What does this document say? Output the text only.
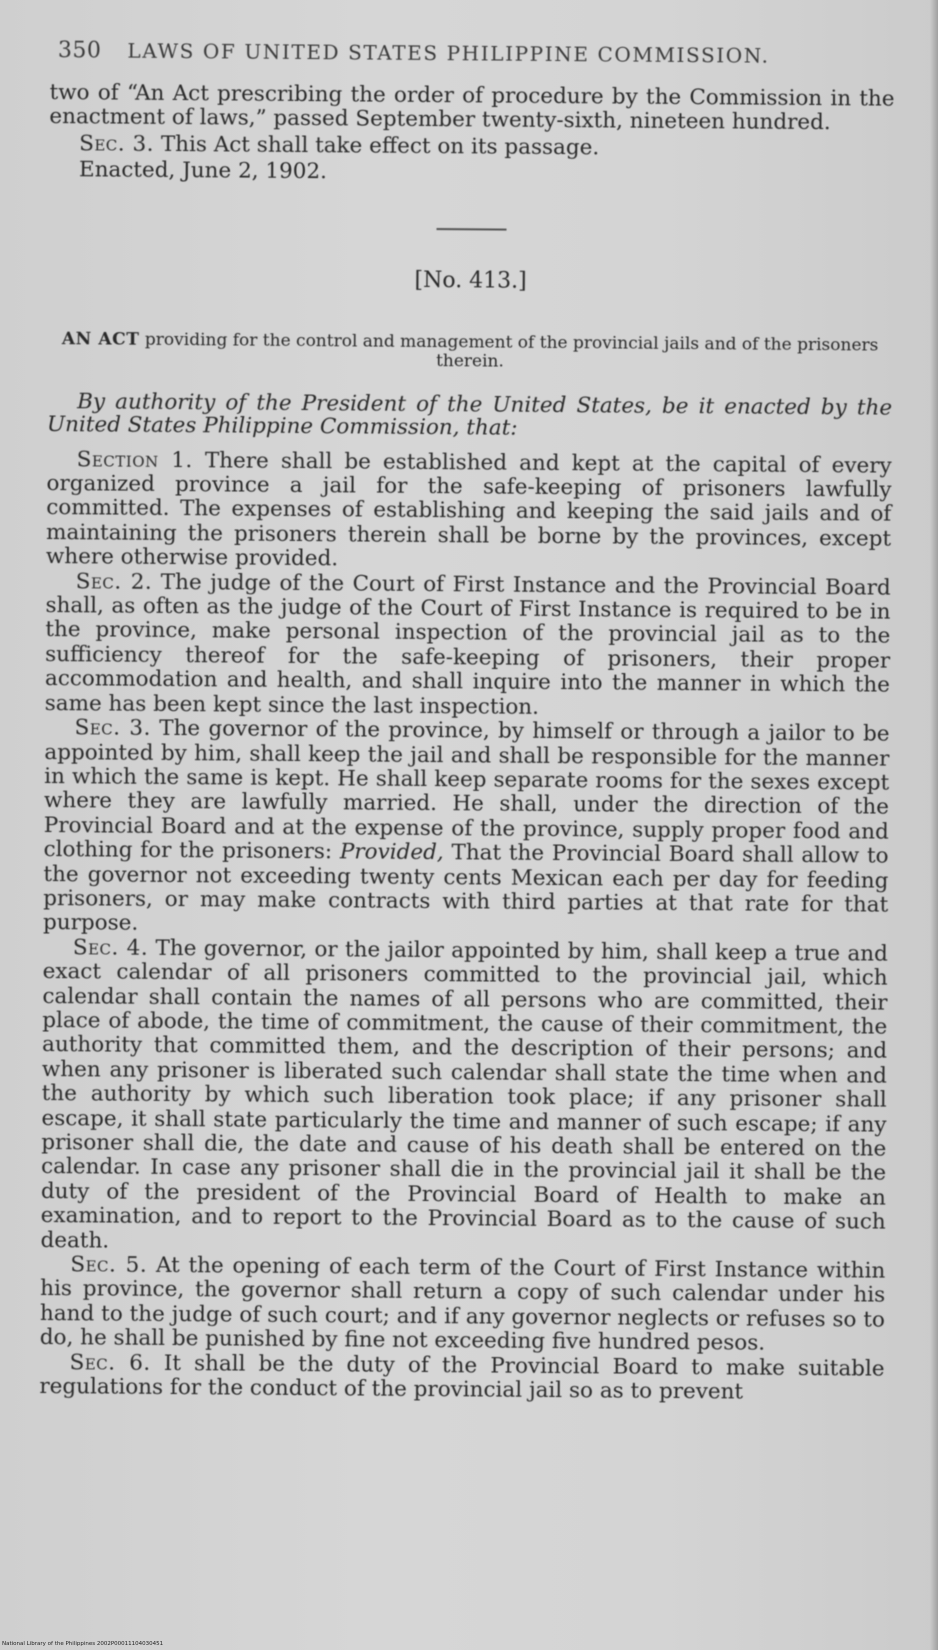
350 LAWS OF UNITED STATES PHILIPPINE COMMISSION.

two of “An Act prescribing the order of procedure by the Commission in the enactment of laws,” passed September twenty-sixth, nineteen hundred.

Sec. 3. This Act shall take effect on its passage.

Enacted, June 2, 1902.

[No. 413.]
AN ACT providing for the control and management of the provincial jails and of the prisoners therein.

By authority of the President of the United States, be it enacted by the United States Philippine Commission, that:

Section 1. There shall be established and kept at the capital of every organized province a jail for the safe-keeping of prisoners lawfully committed. The expenses of establishing and keeping the said jails and of maintaining the prisoners therein shall be borne by the provinces, except where otherwise provided.

Sec. 2. The judge of the Court of First Instance and the Provincial Board shall, as often as the judge of the Court of First Instance is required to be in the province, make personal inspection of the provincial jail as to the sufficiency thereof for the safe-keeping of prisoners, their proper accommodation and health, and shall inquire into the manner in which the same has been kept since the last inspection.

Sec. 3. The governor of the province, by himself or through a jailor to be appointed by him, shall keep the jail and shall be responsible for the manner in which the same is kept. He shall keep separate rooms for the sexes except where they are lawfully married. He shall, under the direction of the Provincial Board and at the expense of the province, supply proper food and clothing for the prisoners: Provided, That the Provincial Board shall allow to the governor not exceeding twenty cents Mexican each per day for feeding prisoners, or may make contracts with third parties at that rate for that purpose.

Sec. 4. The governor, or the jailor appointed by him, shall keep a true and exact calendar of all prisoners committed to the provincial jail, which calendar shall contain the names of all persons who are committed, their place of abode, the time of commitment, the cause of their commitment, the authority that committed them, and the description of their persons; and when any prisoner is liberated such calendar shall state the time when and the authority by which such liberation took place; if any prisoner shall escape, it shall state particularly the time and manner of such escape; if any prisoner shall die, the date and cause of his death shall be entered on the calendar. In case any prisoner shall die in the provincial jail it shall be the duty of the president of the Provincial Board of Health to make an examination, and to report to the Provincial Board as to the cause of such death.

Sec. 5. At the opening of each term of the Court of First Instance within his province, the governor shall return a copy of such calendar under his hand to the judge of such court; and if any governor neglects or refuses so to do, he shall be punished by fine not exceeding five hundred pesos.

Sec. 6. It shall be the duty of the Provincial Board to make suitable regulations for the conduct of the provincial jail so as to prevent

National Library of the Philippines 2002P00011104030451
